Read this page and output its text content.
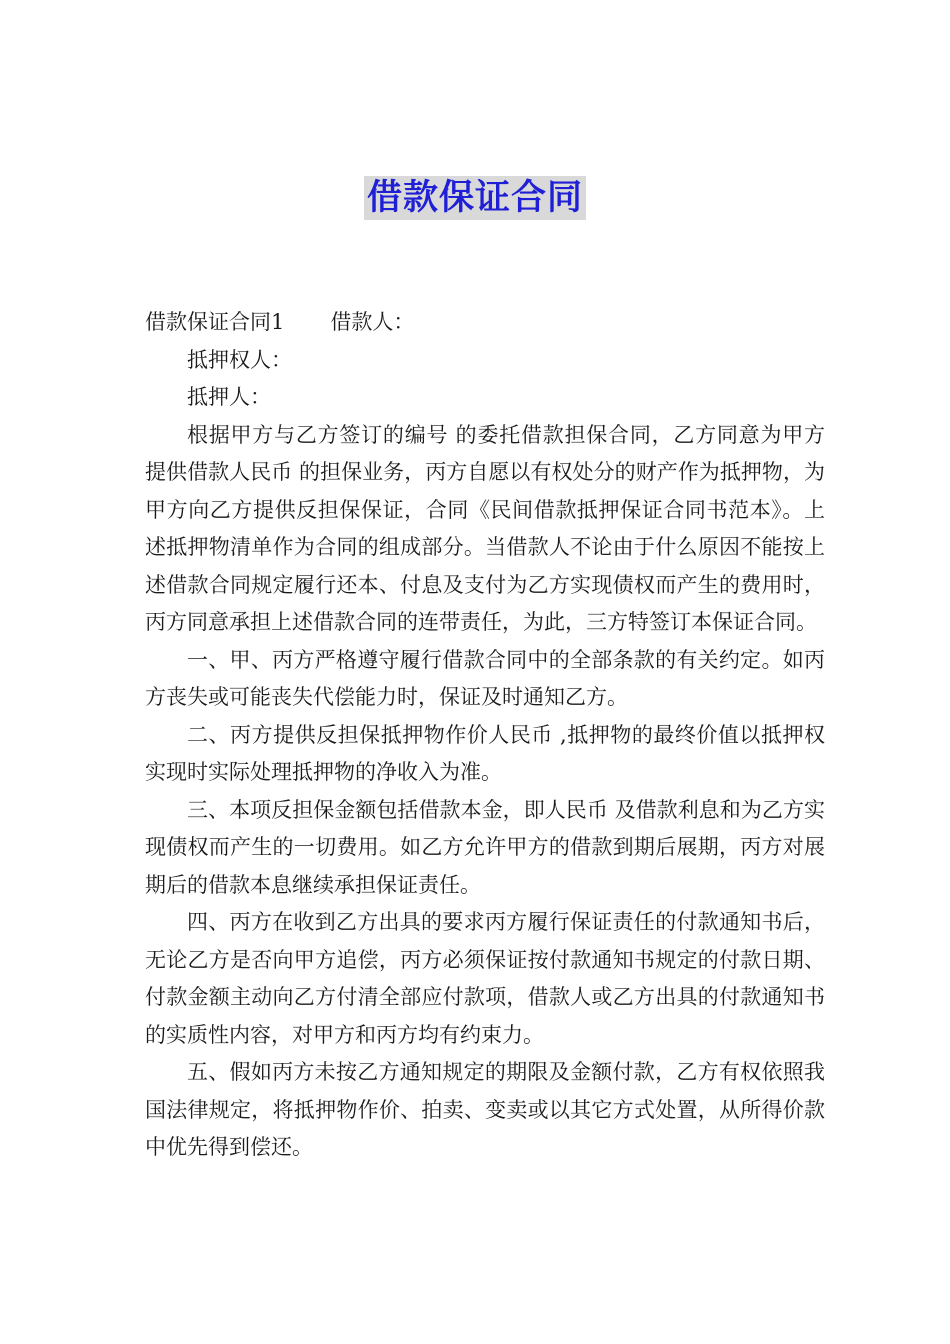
借款保证合同

借款保证合同1 借款人：

抵押权人：

抵押人：

根据甲方与乙方签订的编号 的委托借款担保合同，乙方同意为甲方 提供借款人民币 的担保业务，丙方自愿以有权处分的财产作为抵押物，为甲方向乙方提供反担保保证，合同《民间借款抵押保证合同书范本》。上述抵押物清单作为合同的组成部分。当借款人不论由于什么原因不能按上述借款合同规定履行还本、付息及支付为乙方实现债权而产生的费用时，丙方同意承担上述借款合同的连带责任，为此，三方特签订本保证合同。

一、甲、丙方严格遵守履行借款合同中的全部条款的有关约定。如丙方丧失或可能丧失代偿能力时，保证及时通知乙方。

二、丙方提供反担保抵押物作价人民币 ,抵押物的最终价值以抵押权实现时实际处理抵押物的净收入为准。

三、本项反担保金额包括借款本金，即人民币 及借款利息和为乙方实现债权而产生的一切费用。如乙方允许甲方的借款到期后展期，丙方对展期后的借款本息继续承担保证责任。

四、丙方在收到乙方出具的要求丙方履行保证责任的付款通知书后，无论乙方是否向甲方追偿，丙方必须保证按付款通知书规定的付款日期、付款金额主动向乙方付清全部应付款项，借款人或乙方出具的付款通知书的实质性内容，对甲方和丙方均有约束力。

五、假如丙方未按乙方通知规定的期限及金额付款，乙方有权依照我国法律规定，将抵押物作价、拍卖、变卖或以其它方式处置，从所得价款中优先得到偿还。
